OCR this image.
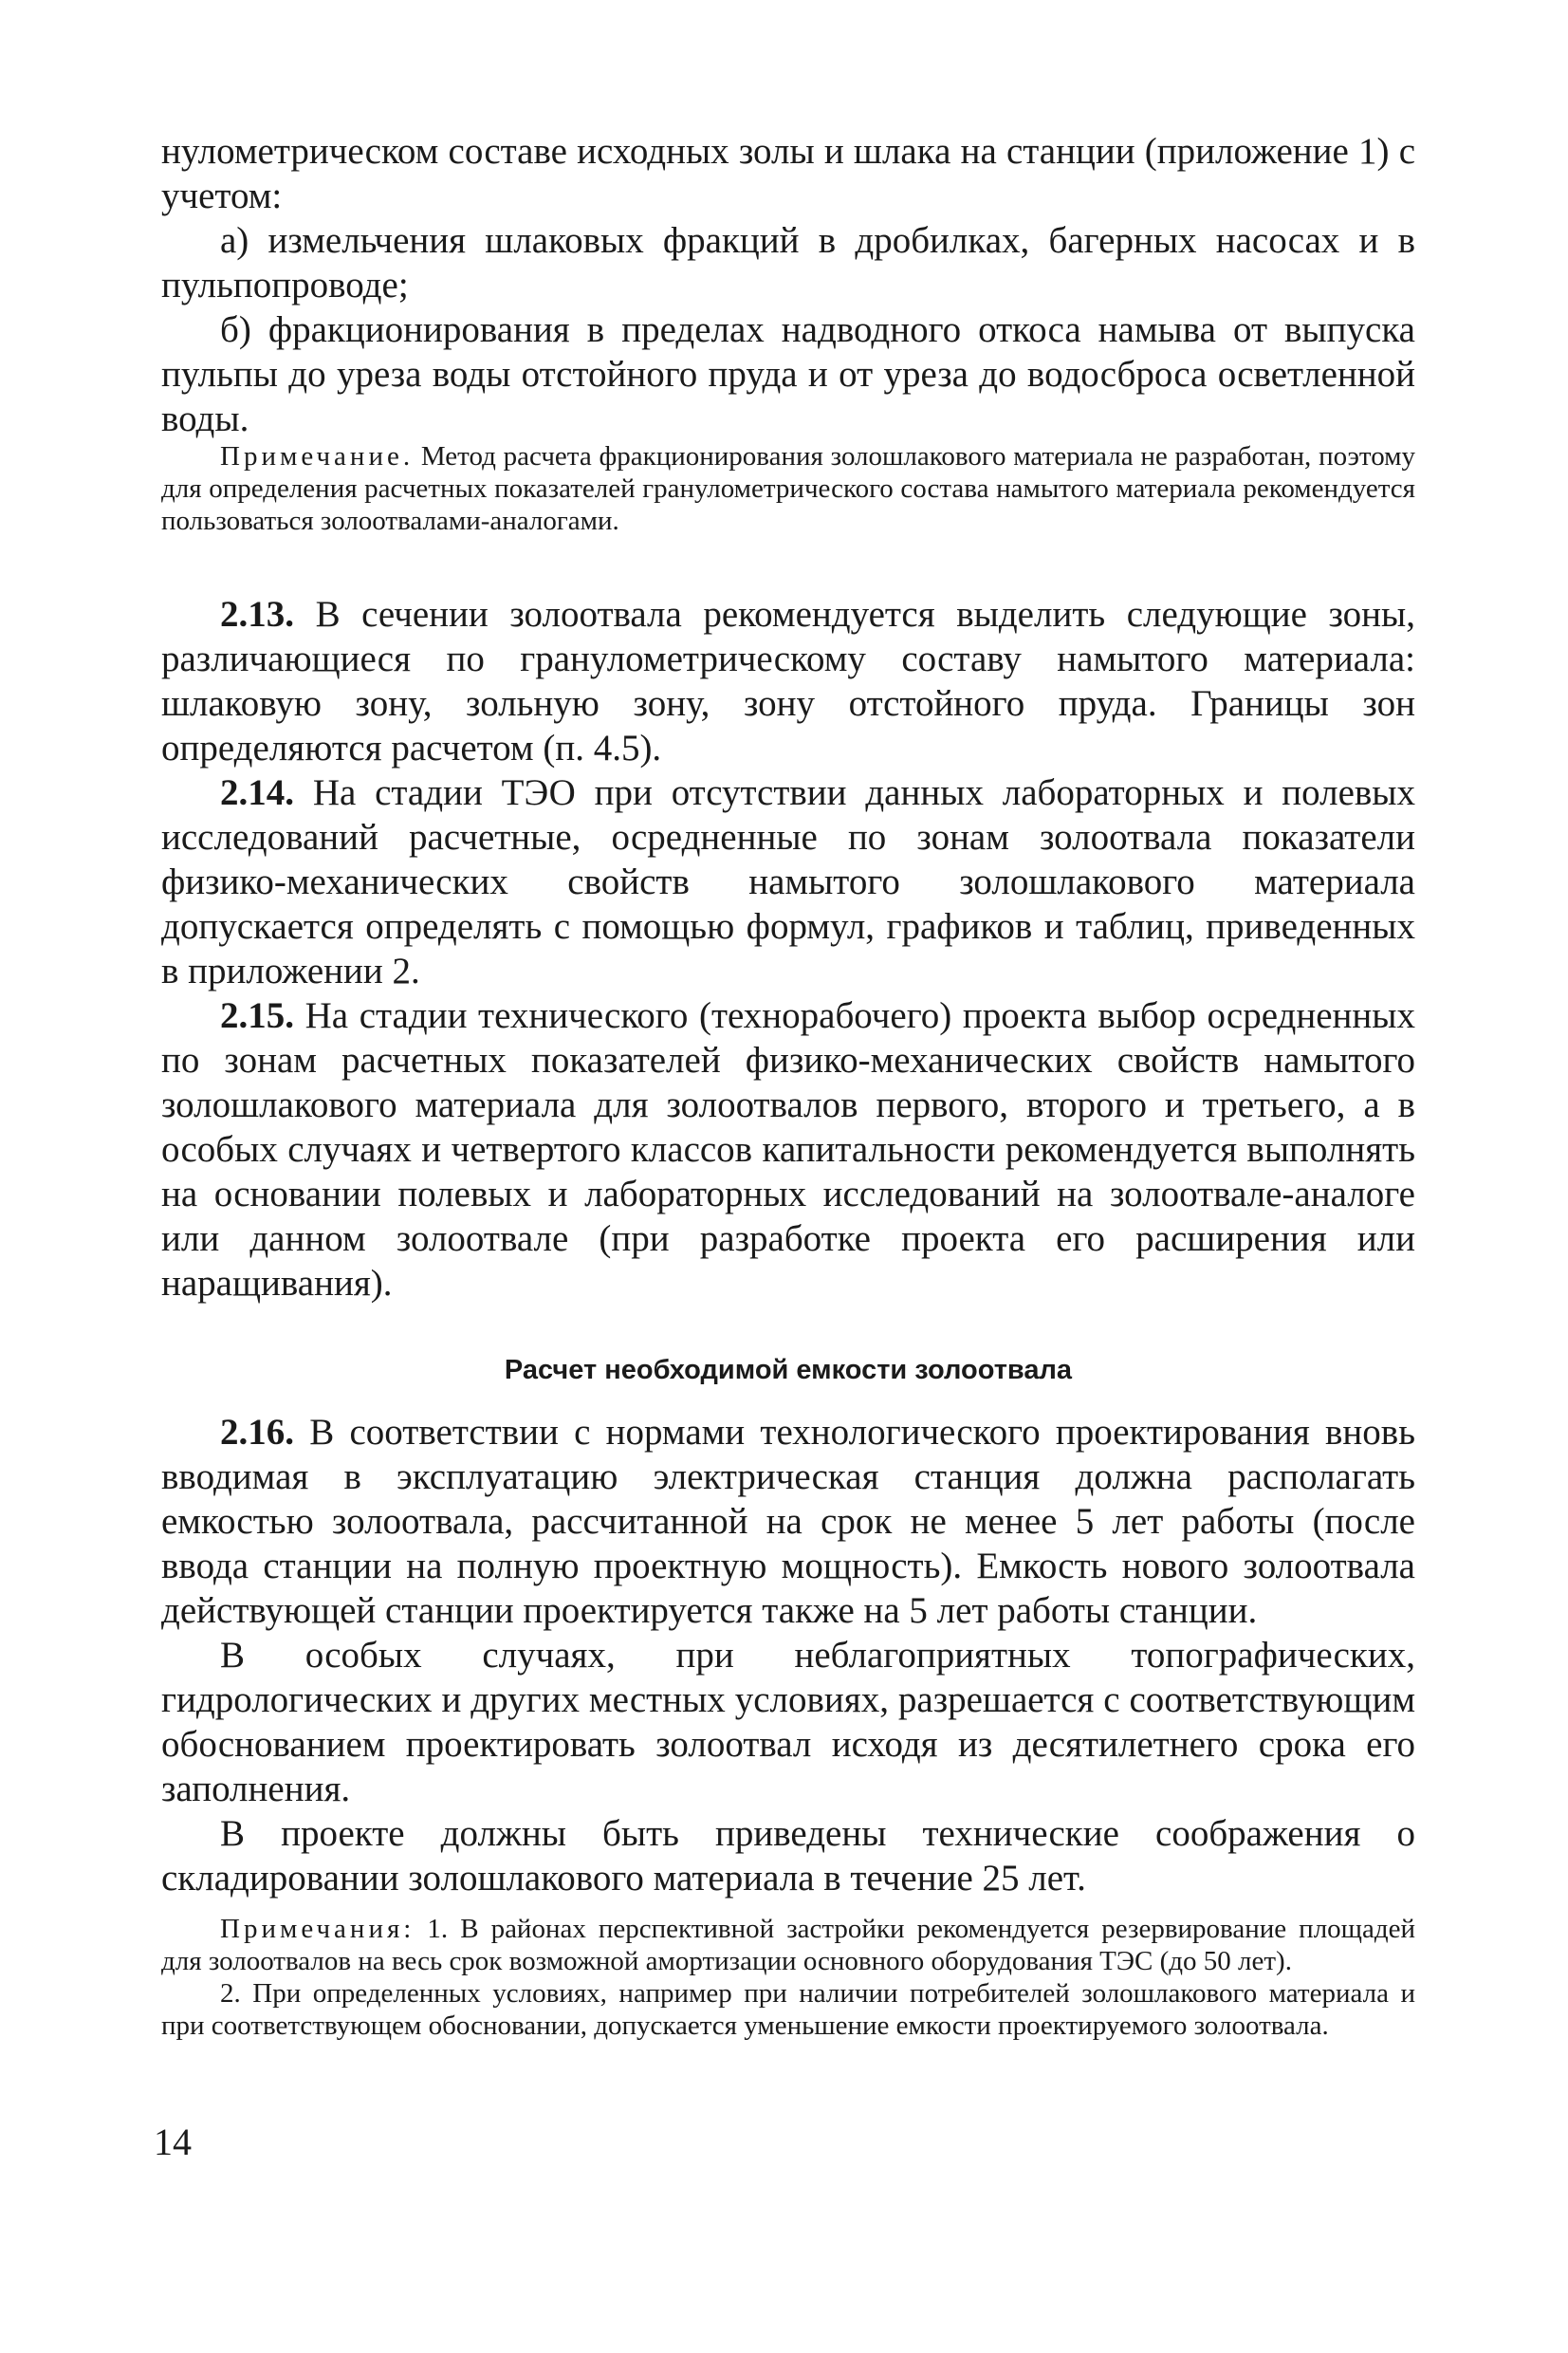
нулометрическом составе исходных золы и шлака на станции (приложение 1) с учетом:

а) измельчения шлаковых фракций в дробилках, багерных насосах и в пульпопроводе;

б) фракционирования в пределах надводного откоса намыва от выпуска пульпы до уреза воды отстойного пруда и от уреза до водосброса осветленной воды.

Примечание. Метод расчета фракционирования золошлакового материала не разработан, поэтому для определения расчетных показателей гранулометрического состава намытого материала рекомендуется пользоваться золоотвалами-аналогами.

2.13. В сечении золоотвала рекомендуется выделить следующие зоны, различающиеся по гранулометрическому составу намытого материала: шлаковую зону, зольную зону, зону отстойного пруда. Границы зон определяются расчетом (п. 4.5).

2.14. На стадии ТЭО при отсутствии данных лабораторных и полевых исследований расчетные, осредненные по зонам золоотвала показатели физико-механических свойств намытого золошлакового материала допускается определять с помощью формул, графиков и таблиц, приведенных в приложении 2.

2.15. На стадии технического (технорабочего) проекта выбор осредненных по зонам расчетных показателей физико-механических свойств намытого золошлакового материала для золоотвалов первого, второго и третьего, а в особых случаях и четвертого классов капитальности рекомендуется выполнять на основании полевых и лабораторных исследований на золоотвале-аналоге или данном золоотвале (при разработке проекта его расширения или наращивания).

Расчет необходимой емкости золоотвала

2.16. В соответствии с нормами технологического проектирования вновь вводимая в эксплуатацию электрическая станция должна располагать емкостью золоотвала, рассчитанной на срок не менее 5 лет работы (после ввода станции на полную проектную мощность). Емкость нового золоотвала действующей станции проектируется также на 5 лет работы станции.

В особых случаях, при неблагоприятных топографических, гидрологических и других местных условиях, разрешается с соответствующим обоснованием проектировать золоотвал исходя из десятилетнего срока его заполнения.

В проекте должны быть приведены технические соображения о складировании золошлакового материала в течение 25 лет.

Примечания: 1. В районах перспективной застройки рекомендуется резервирование площадей для золоотвалов на весь срок возможной амортизации основного оборудования ТЭС (до 50 лет).

2. При определенных условиях, например при наличии потребителей золошлакового материала и при соответствующем обосновании, допускается уменьшение емкости проектируемого золоотвала.

14
